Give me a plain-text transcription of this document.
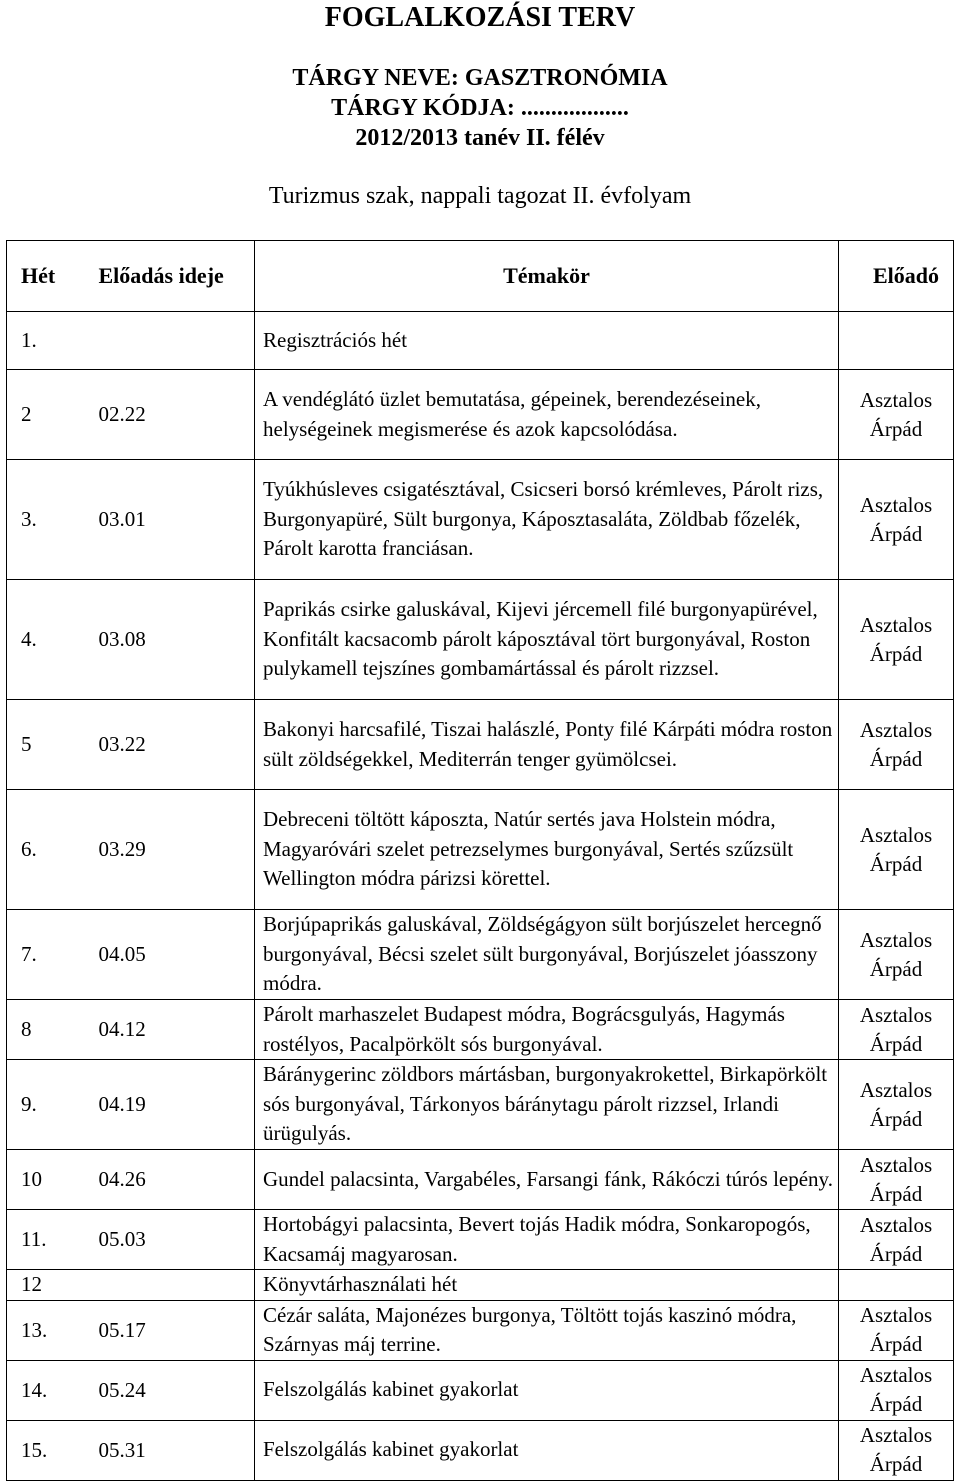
FOGLALKOZÁSI TERV
TÁRGY NEVE: GASZTRONÓMIA
TÁRGY KÓDJA: ..................
2012/2013 tanév II. félév
Turizmus szak, nappali tagozat II. évfolyam
Hét	Előadás ideje	Témakör	Előadó
1.		Regisztrációs hét	
2	02.22	A vendéglátó üzlet bemutatása, gépeinek, berendezéseinek, helységeinek megismerése és azok kapcsolódása.	Asztalos Árpád
3.	03.01	Tyúkhúsleves csigatésztával, Csicseri borsó krémleves, Párolt rizs, Burgonyapüré, Sült burgonya, Káposztasaláta, Zöldbab főzelék, Párolt karotta franciásan.	Asztalos Árpád
4.	03.08	Paprikás csirke galuskával, Kijevi jércemell filé burgonyapürével, Konfitált kacsacomb párolt káposztával tört burgonyával, Roston pulykamell tejszínes gombamártással és párolt rizzsel.	Asztalos Árpád
5	03.22	Bakonyi harcsafilé, Tiszai halászlé, Ponty filé Kárpáti módra roston sült zöldségekkel, Mediterrán tenger gyümölcsei.	Asztalos Árpád
6.	03.29	Debreceni töltött káposzta, Natúr sertés java Holstein módra, Magyaróvári szelet petrezselymes burgonyával, Sertés szűzsült Wellington módra párizsi körettel.	Asztalos Árpád
7.	04.05	Borjúpaprikás galuskával, Zöldségágyon sült borjúszelet hercegnő burgonyával, Bécsi szelet sült burgonyával, Borjúszelet jóasszony módra.	Asztalos Árpád
8	04.12	Párolt marhaszelet Budapest módra, Bográcsgulyás, Hagymás rostélyos, Pacalpörkölt sós burgonyával.	Asztalos Árpád
9.	04.19	Báránygerinc zöldbors mártásban, burgonyakrokettel, Birkapörkölt sós burgonyával, Tárkonyos báránytagu párolt rizzsel, Irlandi ürügulyás.	Asztalos Árpád
10	04.26	Gundel palacsinta, Vargabéles, Farsangi fánk, Rákóczi túrós lepény.	Asztalos Árpád
11.	05.03	Hortobágyi palacsinta, Bevert tojás Hadik módra, Sonkaropogós, Kacsamáj magyarosan.	Asztalos Árpád
12		Könyvtárhasználati hét	
13.	05.17	Cézár saláta, Majonézes burgonya, Töltött tojás kaszinó módra, Szárnyas máj terrine.	Asztalos Árpád
14.	05.24	Felszolgálás kabinet gyakorlat	Asztalos Árpád
15.	05.31	Felszolgálás kabinet gyakorlat	Asztalos Árpád
